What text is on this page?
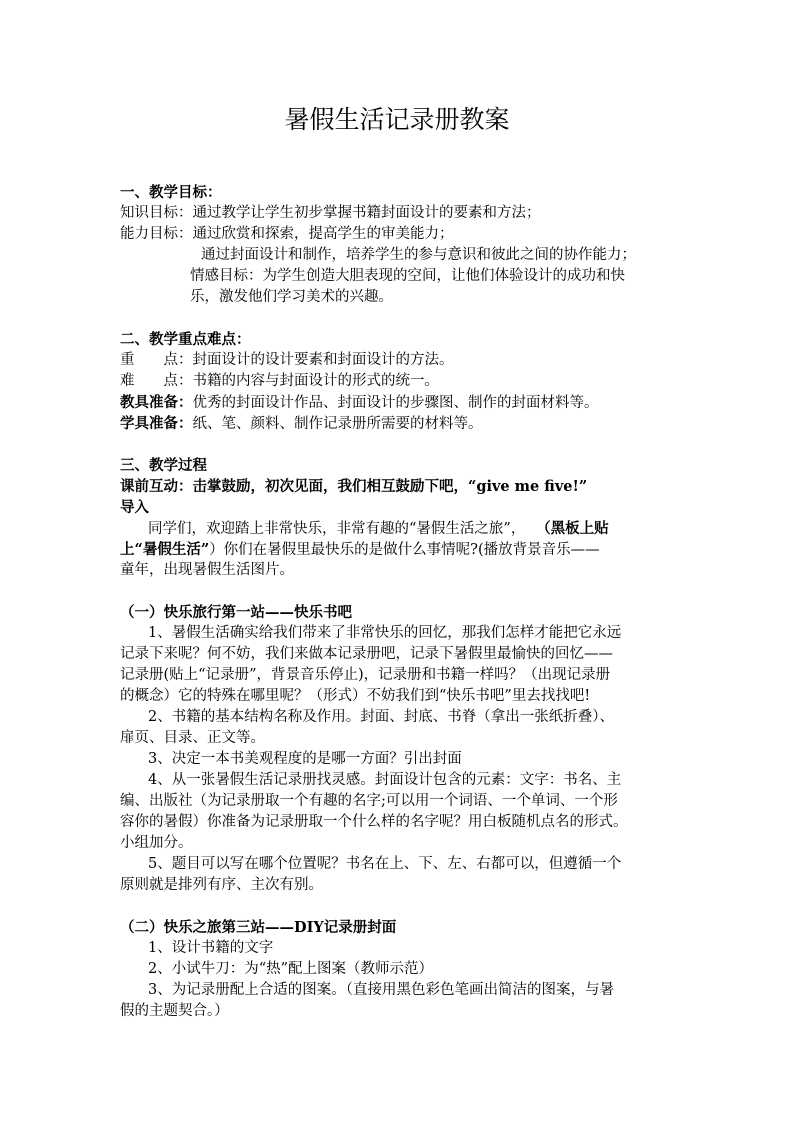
暑假生活记录册教案
一、教学目标：
知识目标：通过教学让学生初步掌握书籍封面设计的要素和方法；
能力目标：通过欣赏和探索，提高学生的审美能力；
通过封面设计和制作，培养学生的参与意识和彼此之间的协作能力；
情感目标：为学生创造大胆表现的空间，让他们体验设计的成功和快
乐，激发他们学习美术的兴趣。
二、教学重点难点：
重　　点：封面设计的设计要素和封面设计的方法。
难　　点：书籍的内容与封面设计的形式的统一。
教具准备：优秀的封面设计作品、封面设计的步骤图、制作的封面材料等。
学具准备：纸、笔、颜料、制作记录册所需要的材料等。
三、教学过程
课前互动：击掌鼓励，初次见面，我们相互鼓励下吧，“give me five!”
导入
同学们，欢迎踏上非常快乐，非常有趣的“暑假生活之旅”， （黑板上贴
上“暑假生活”）你们在暑假里最快乐的是做什么事情呢?(播放背景音乐——
童年，出现暑假生活图片。
（一）快乐旅行第一站——快乐书吧
1、暑假生活确实给我们带来了非常快乐的回忆，那我们怎样才能把它永远
记录下来呢？何不妨，我们来做本记录册吧，记录下暑假里最愉快的回忆——
记录册(贴上“记录册”，背景音乐停止)，记录册和书籍一样吗？（出现记录册
的概念）它的特殊在哪里呢？（形式）不妨我们到“快乐书吧”里去找找吧!
2、书籍的基本结构名称及作用。封面、封底、书脊（拿出一张纸折叠）、
扉页、目录、正文等。
3、决定一本书美观程度的是哪一方面？引出封面
4、从一张暑假生活记录册找灵感。封面设计包含的元素：文字：书名、主
编、出版社（为记录册取一个有趣的名字;可以用一个词语、一个单词、一个形
容你的暑假）你准备为记录册取一个什么样的名字呢？用白板随机点名的形式。
小组加分。
5、题目可以写在哪个位置呢？书名在上、下、左、右都可以，但遵循一个
原则就是排列有序、主次有别。
（二）快乐之旅第三站——DIY记录册封面
1、设计书籍的文字
2、小试牛刀：为“热”配上图案（教师示范）
3、为记录册配上合适的图案。（直接用黑色彩色笔画出简洁的图案，与暑
假的主题契合。）
